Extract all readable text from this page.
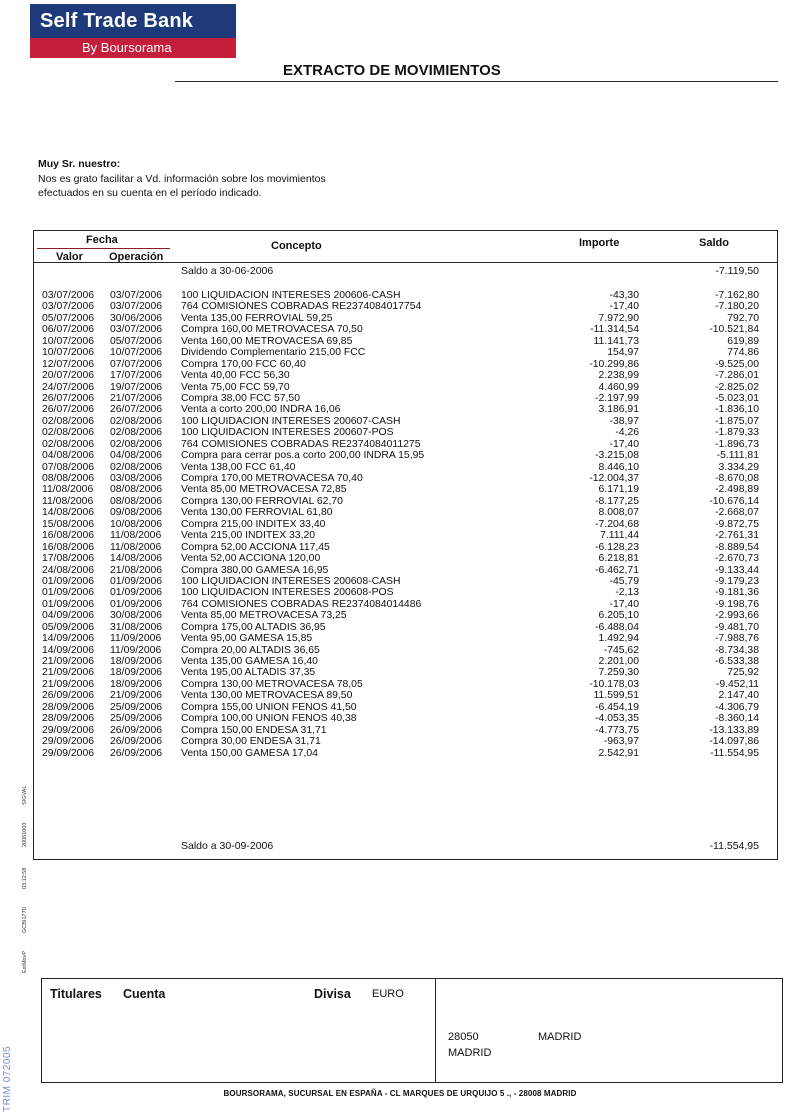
Self Trade Bank
By Boursorama
EXTRACTO DE MOVIMIENTOS
Muy Sr. nuestro:
Nos es grato facilitar a Vd. información sobre los movimientos efectuados en su cuenta en el período indicado.
Fecha
Valor Operación
Concepto	Importe	Saldo
Saldo a 30-06-2006	-7.119,50
03/07/2006 03/07/2006 100 LIQUIDACION INTERESES 200606-CASH	-43,30	-7.162,80
03/07/2006 03/07/2006 764 COMISIONES COBRADAS RE2374084017754	-17,40	-7.180,20
05/07/2006 30/06/2006 Venta 135,00 FERROVIAL 59,25	7.972,90	792,70
06/07/2006 03/07/2006 Compra 160,00 METROVACESA 70,50	-11.314,54	-10.521,84
10/07/2006 05/07/2006 Venta 160,00 METROVACESA 69,85	11.141,73	619,89
10/07/2006 10/07/2006 Dividendo Complementario 215,00 FCC	154,97	774,86
12/07/2006 07/07/2006 Compra 170,00 FCC 60,40	-10.299,86	-9.525,00
20/07/2006 17/07/2006 Venta 40,00 FCC 56,30	2.238,99	-7.286,01
24/07/2006 19/07/2006 Venta 75,00 FCC 59,70	4.460,99	-2.825,02
26/07/2006 21/07/2006 Compra 38,00 FCC 57,50	-2.197,99	-5.023,01
26/07/2006 26/07/2006 Venta a corto 200,00 INDRA 16,06	3.186,91	-1.836,10
02/08/2006 02/08/2006 100 LIQUIDACION INTERESES 200607-CASH	-38,97	-1.875,07
02/08/2006 02/08/2006 100 LIQUIDACION INTERESES 200607-POS	-4,26	-1.879,33
02/08/2006 02/08/2006 764 COMISIONES COBRADAS RE2374084011275	-17,40	-1.896,73
04/08/2006 04/08/2006 Compra para cerrar pos.a corto 200,00 INDRA 15,95	-3.215,08	-5.111,81
07/08/2006 02/08/2006 Venta 138,00 FCC 61,40	8.446,10	3.334,29
08/08/2006 03/08/2006 Compra 170,00 METROVACESA 70,40	-12.004,37	-8.670,08
11/08/2006 08/08/2006 Venta 85,00 METROVACESA 72,85	6.171,19	-2.498,89
11/08/2006 08/08/2006 Compra 130,00 FERROVIAL 62,70	-8.177,25	-10.676,14
14/08/2006 09/08/2006 Venta 130,00 FERROVIAL 61,80	8.008,07	-2.668,07
15/08/2006 10/08/2006 Compra 215,00 INDITEX 33,40	-7.204,68	-9.872,75
16/08/2006 11/08/2006 Venta 215,00 INDITEX 33,20	7.111,44	-2.761,31
16/08/2006 11/08/2006 Compra 52,00 ACCIONA 117,45	-6.128,23	-8.889,54
17/08/2006 14/08/2006 Venta 52,00 ACCIONA 120,00	6.218,81	-2.670,73
24/08/2006 21/08/2006 Compra 380,00 GAMESA 16,95	-6.462,71	-9.133,44
01/09/2006 01/09/2006 100 LIQUIDACION INTERESES 200608-CASH	-45,79	-9.179,23
01/09/2006 01/09/2006 100 LIQUIDACION INTERESES 200608-POS	-2,13	-9.181,36
01/09/2006 01/09/2006 764 COMISIONES COBRADAS RE2374084014486	-17,40	-9.198,76
04/09/2006 30/08/2006 Venta 85,00 METROVACESA 73,25	6.205,10	-2.993,66
05/09/2006 31/08/2006 Compra 175,00 ALTADIS 36,95	-6.488,04	-9.481,70
14/09/2006 11/09/2006 Venta 95,00 GAMESA 15,85	1.492,94	-7.988,76
14/09/2006 11/09/2006 Compra 20,00 ALTADIS 36,65	-745,62	-8.734,38
21/09/2006 18/09/2006 Venta 135,00 GAMESA 16,40	2.201,00	-6.533,38
21/09/2006 18/09/2006 Venta 195,00 ALTADIS 37,35	7.259,30	725,92
21/09/2006 18/09/2006 Compra 130,00 METROVACESA 78,05	-10.178,03	-9.452,11
26/09/2006 21/09/2006 Venta 130,00 METROVACESA 89,50	11.599,51	2.147,40
28/09/2006 25/09/2006 Compra 155,00 UNION FENOS 41,50	-6.454,19	-4.306,79
28/09/2006 25/09/2006 Compra 100,00 UNION FENOS 40,38	-4.053,35	-8.360,14
29/09/2006 26/09/2006 Compra 150,00 ENDESA 31,71	-4.773,75	-13.133,89
29/09/2006 26/09/2006 Compra 30,00 ENDESA 31,71	-963,97	-14.097,86
29/09/2006 26/09/2006 Venta 150,00 GAMESA 17,04	2.542,91	-11.554,95
Saldo a 30-09-2006	-11.554,95
Titulares Cuenta	Divisa EURO
28050	MADRID
MADRID
BOURSORAMA, SUCURSAL EN ESPAÑA - CL MARQUES DE URQUIJO 5 ., - 28008 MADRID
SIGVAL
20061003
03:12:58
GCBI1770
ExtMovP
TRIM 072005
